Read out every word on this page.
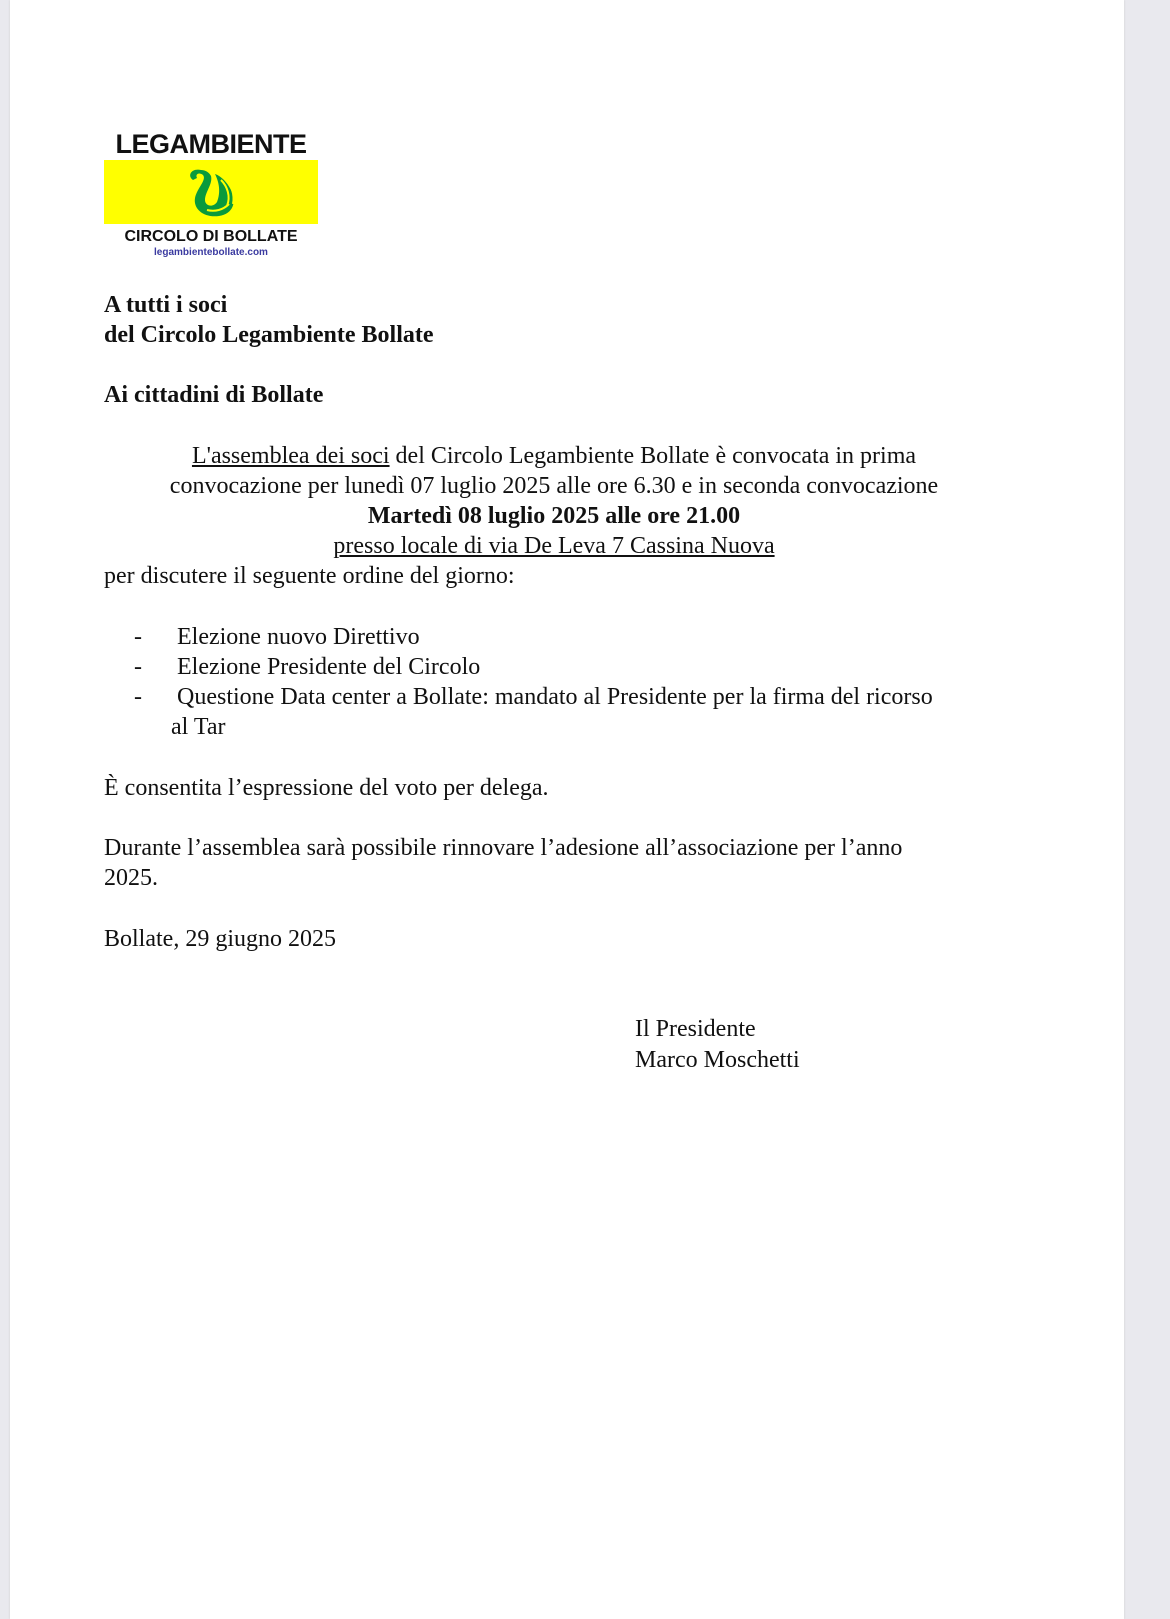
LEGAMBIENTE
CIRCOLO DI BOLLATE
legambientebollate.com
A tutti i soci
del Circolo Legambiente Bollate
Ai cittadini di Bollate
L'assemblea dei soci del Circolo Legambiente Bollate è convocata in prima
convocazione per lunedì 07 luglio 2025 alle ore 6.30 e in seconda convocazione
Martedì 08 luglio 2025 alle ore 21.00
presso locale di via De Leva 7 Cassina Nuova
per discutere il seguente ordine del giorno:
- Elezione nuovo Direttivo
- Elezione Presidente del Circolo
- Questione Data center a Bollate: mandato al Presidente per la firma del ricorso
al Tar
È consentita l’espressione del voto per delega.
Durante l’assemblea sarà possibile rinnovare l’adesione all’associazione per l’anno
2025.
Bollate, 29 giugno 2025
Il Presidente
Marco Moschetti
